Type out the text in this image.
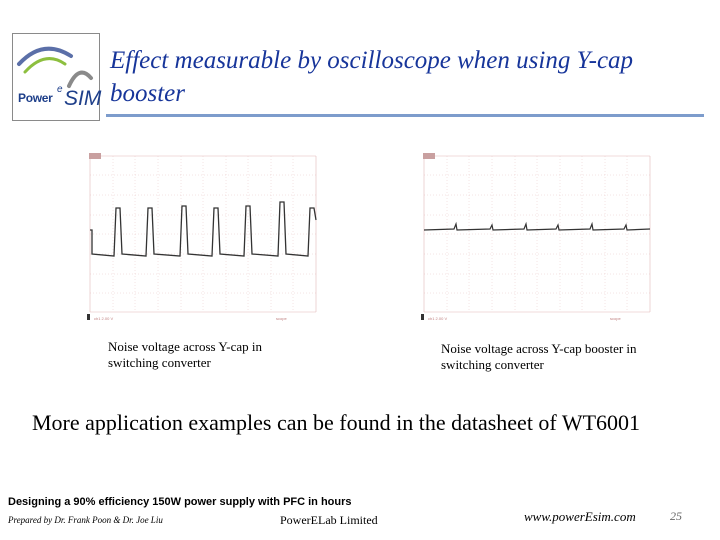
Power
e SIM
Effect measurable by oscilloscope when using Y-cap booster
ch1 2.00 V	scope	ch1 2.00 V	scope
Noise voltage across Y-cap in switching converter
Noise voltage across Y-cap booster in switching converter
More application examples can be found in the datasheet of WT6001
Designing a 90% efficiency 150W power supply with PFC in hours
Prepared by Dr. Frank Poon & Dr. Joe Liu	PowerELab Limited	www.powerEsim.com	25
